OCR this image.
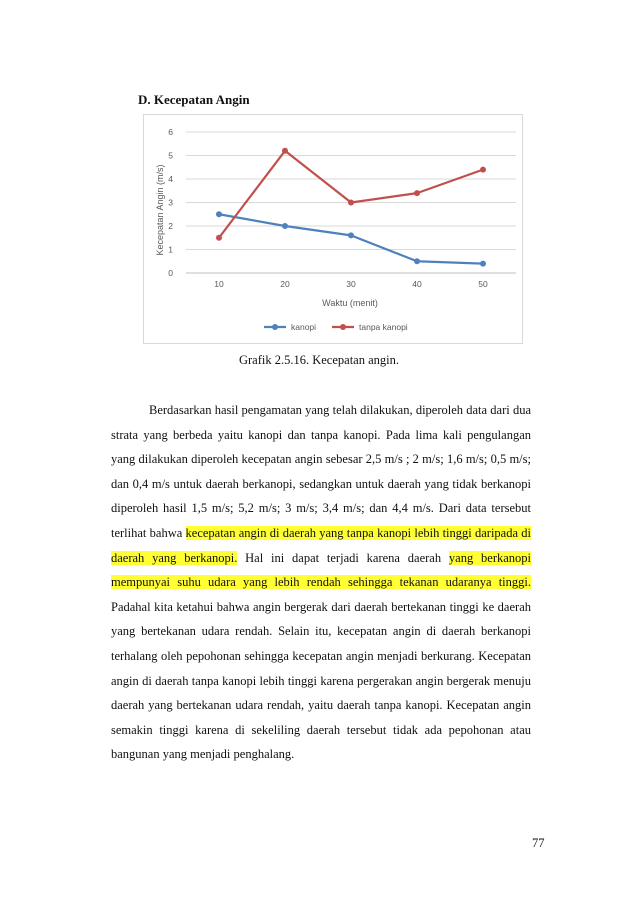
D. Kecepatan Angin
Kecepatan Angin (m/s)
Waktu (menit)
0
1
2
3
4
5
6
10	20	30	40	50
kanopi	tanpa kanopi
Grafik 2.5.16. Kecepatan angin.

Berdasarkan hasil pengamatan yang telah dilakukan, diperoleh data dari dua strata yang berbeda yaitu kanopi dan tanpa kanopi. Pada lima kali pengulangan yang dilakukan diperoleh kecepatan angin sebesar 2,5 m/s ; 2 m/s; 1,6 m/s; 0,5 m/s; dan 0,4 m/s untuk daerah berkanopi, sedangkan untuk daerah yang tidak berkanopi diperoleh hasil 1,5 m/s; 5,2 m/s; 3 m/s; 3,4 m/s; dan 4,4 m/s. Dari data tersebut terlihat bahwa kecepatan angin di daerah yang tanpa kanopi lebih tinggi daripada di daerah yang berkanopi. Hal ini dapat terjadi karena daerah yang berkanopi mempunyai suhu udara yang lebih rendah sehingga tekanan udaranya tinggi. Padahal kita ketahui bahwa angin bergerak dari daerah bertekanan tinggi ke daerah yang bertekanan udara rendah. Selain itu, kecepatan angin di daerah berkanopi terhalang oleh pepohonan sehingga kecepatan angin menjadi berkurang. Kecepatan angin di daerah tanpa kanopi lebih tinggi karena pergerakan angin bergerak menuju daerah yang bertekanan udara rendah, yaitu daerah tanpa kanopi. Kecepatan angin semakin tinggi karena di sekeliling daerah tersebut tidak ada pepohonan atau bangunan yang menjadi penghalang.

77
